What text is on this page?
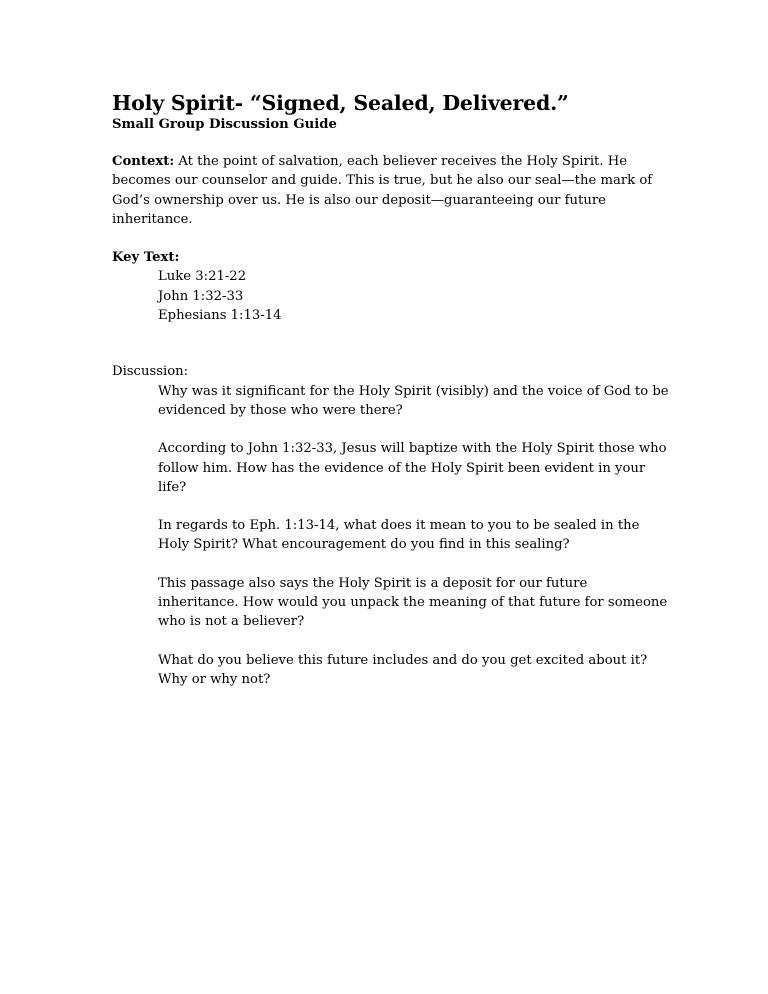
Holy Spirit- “Signed, Sealed, Delivered.”
Small Group Discussion Guide

Context: At the point of salvation, each believer receives the Holy Spirit. He becomes our counselor and guide. This is true, but he also our seal—the mark of God’s ownership over us. He is also our deposit—guaranteeing our future inheritance.

Key Text:
Luke 3:21-22
John 1:32-33
Ephesians 1:13-14
Discussion:

Why was it significant for the Holy Spirit (visibly) and the voice of God to be evidenced by those who were there?

According to John 1:32-33, Jesus will baptize with the Holy Spirit those who follow him. How has the evidence of the Holy Spirit been evident in your life?

In regards to Eph. 1:13-14, what does it mean to you to be sealed in the Holy Spirit? What encouragement do you find in this sealing?

This passage also says the Holy Spirit is a deposit for our future inheritance. How would you unpack the meaning of that future for someone who is not a believer?

What do you believe this future includes and do you get excited about it? Why or why not?
